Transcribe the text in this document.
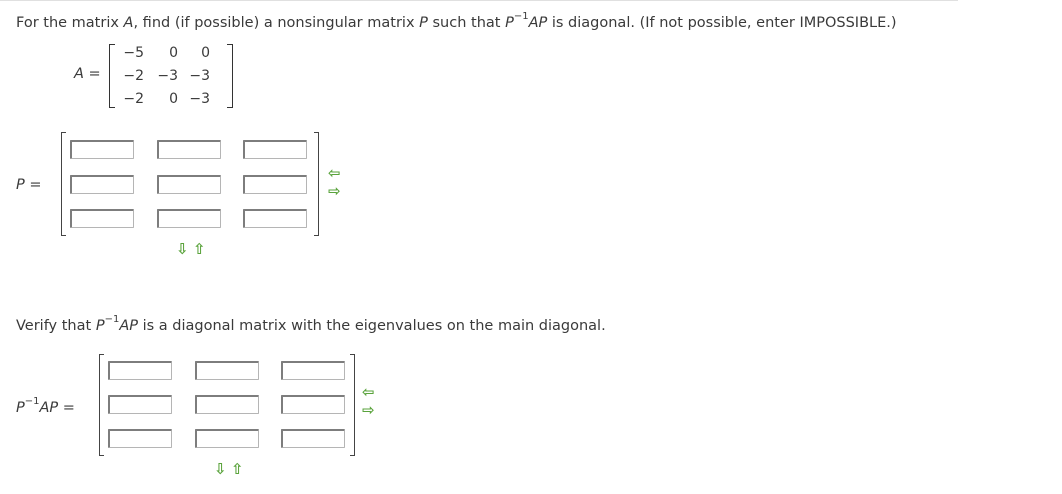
For the matrix A, find (if possible) a nonsingular matrix P such that $P^{-1}AP$ is diagonal. (If not possible, enter IMPOSSIBLE.)
A =
−5	0	0
−2 −3 −3
−2	0 −3
P =
⇦
⇨
⇩ ⇧
Verify that $P^{-1}AP$ is a diagonal matrix with the eigenvalues on the main diagonal.
$P^{-1}AP$ =
⇦
⇨
⇩ ⇧
